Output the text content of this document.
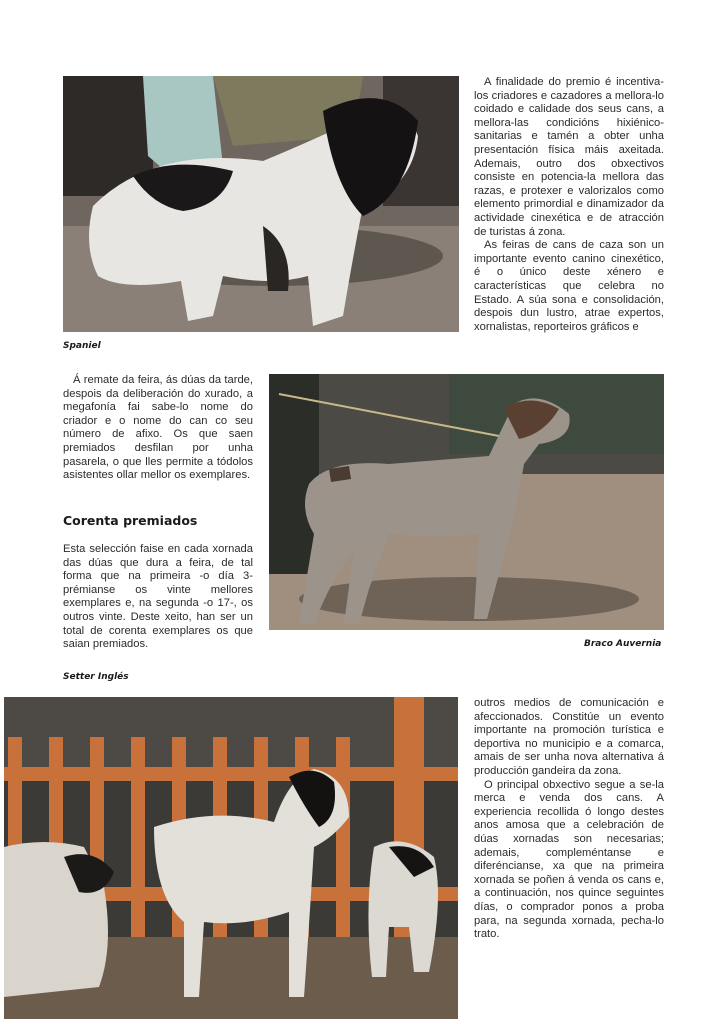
Spaniel

A finalidade do premio é incentiva-los criadores e cazadores a mellora-lo coidado e calidade dos seus cans, a mellora-las condicións hixiénico-sanitarias e tamén a obter unha presentación física máis axeitada. Ademais, outro dos obxectivos consiste en potencia-la mellora das razas, e protexer e valorizalos como elemento primordial e dinamizador da actividade cinexética e de atracción de turistas á zona.

As feiras de cans de caza son un importante evento canino cinexético, é o único deste xénero e características que celebra no Estado. A súa sona e consolidación, despois dun lustro, atrae expertos, xornalistas, reporteiros gráficos e

Á remate da feira, ás dúas da tarde, despois da deliberación do xurado, a megafonía fai sabe-lo nome do criador e o nome do can co seu número de afixo. Os que saen premiados desfilan por unha pasarela, o que lles permite a tódolos asistentes ollar mellor os exemplares.

Corenta premiados

Esta selección faise en cada xornada das dúas que dura a feira, de tal forma que na primeira -o día 3- prémianse os vinte mellores exemplares e, na segunda -o 17-, os outros vinte. Deste xeito, han ser un total de corenta exemplares os que saian premiados.	Braco Auvernia
Setter Inglés

outros medios de comunicación e afeccionados. Constitúe un evento importante na promoción turística e deportiva no municipio e a comarca, amais de ser unha nova alternativa á producción gandeira da zona.

O principal obxectivo segue a se-la merca e venda dos cans. A experiencia recollida ó longo destes anos amosa que a celebración de dúas xornadas son necesarias; ademais, compleméntanse e diferéncianse, xa que na primeira xornada se poñen á venda os cans e, a continuación, nos quince seguintes días, o comprador ponos a proba para, na segunda xornada, pecha-lo trato.
